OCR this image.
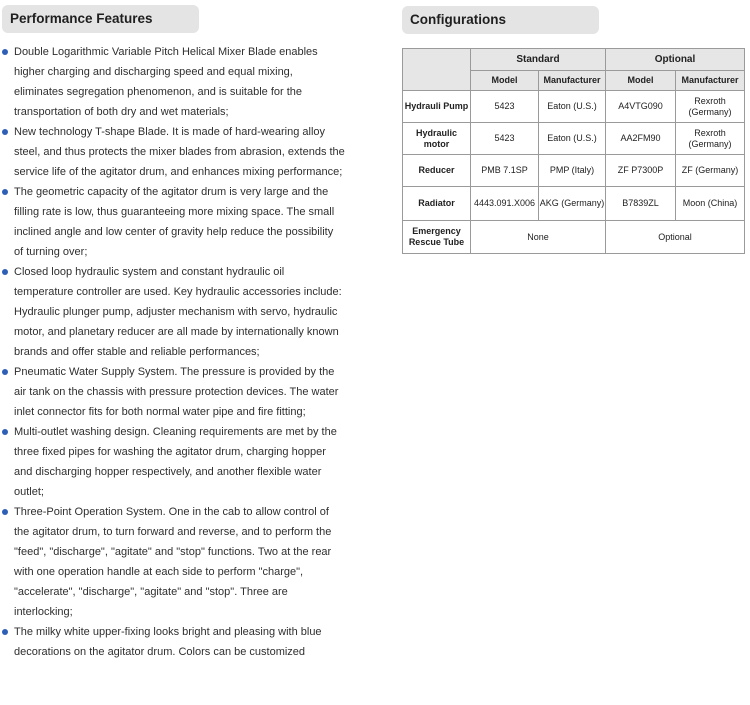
Performance Features
Double Logarithmic Variable Pitch Helical Mixer Blade enables higher charging and discharging speed and equal mixing, eliminates segregation phenomenon, and is suitable for the transportation of both dry and wet materials;
New technology T-shape Blade. It is made of hard-wearing alloy steel, and thus protects the mixer blades from abrasion, extends the service life of the agitator drum, and enhances mixing performance;
The geometric capacity of the agitator drum is very large and the filling rate is low, thus guaranteeing more mixing space. The small inclined angle and low center of gravity help reduce the possibility of turning over;
Closed loop hydraulic system and constant hydraulic oil temperature controller are used. Key hydraulic accessories include: Hydraulic plunger pump, adjuster mechanism with servo, hydraulic motor, and planetary reducer are all made by internationally known brands and offer stable and reliable performances;
Pneumatic Water Supply System. The pressure is provided by the air tank on the chassis with pressure protection devices. The water inlet connector fits for both normal water pipe and fire fitting;
Multi-outlet washing design. Cleaning requirements are met by the three fixed pipes for washing the agitator drum, charging hopper and discharging hopper respectively, and another flexible water outlet;
Three-Point Operation System. One in the cab to allow control of the agitator drum, to turn forward and reverse, and to perform the "feed", "discharge", "agitate" and "stop" functions. Two at the rear with one operation handle at each side to perform "charge", "accelerate", "discharge", "agitate" and "stop". Three are interlocking;
The milky white upper-fixing looks bright and pleasing with blue decorations on the agitator drum. Colors can be customized
Configurations
	Standard		Optional	
	Model	Manufacturer	Model	Manufacturer
Hydrauli Pump	5423	Eaton (U.S.)	A4VTG090	Rexroth (Germany)
Hydraulic motor	5423	Eaton (U.S.)	AA2FM90	Rexroth (Germany)
Reducer	PMB 7.1SP	PMP (Italy)	ZF P7300P	ZF (Germany)
Radiator	4443.091.X006	AKG (Germany)	B7839ZL	Moon (China)
Emergency Rescue Tube	None		Optional	
